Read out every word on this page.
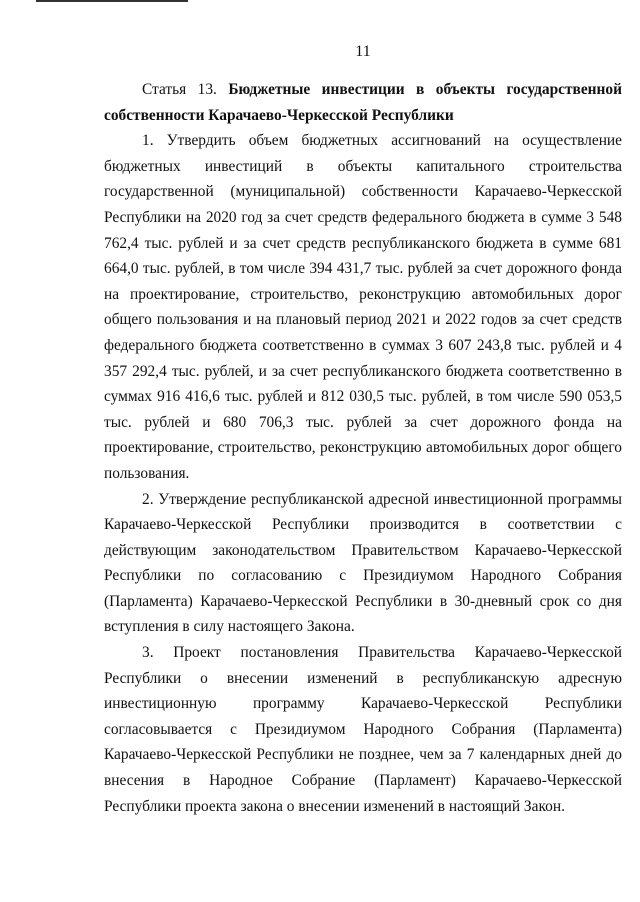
11

Статья 13. Бюджетные инвестиции в объекты государственной собственности Карачаево-Черкесской Республики

1. Утвердить объем бюджетных ассигнований на осуществление бюджетных инвестиций в объекты капитального строительства государственной (муниципальной) собственности Карачаево-Черкесской Республики на 2020 год за счет средств федерального бюджета в сумме 3 548 762,4 тыс. рублей и за счет средств республиканского бюджета в сумме 681 664,0 тыс. рублей, в том числе 394 431,7 тыс. рублей за счет дорожного фонда на проектирование, строительство, реконструкцию автомобильных дорог общего пользования и на плановый период 2021 и 2022 годов за счет средств федерального бюджета соответственно в суммах 3 607 243,8 тыс. рублей и 4 357 292,4 тыс. рублей, и за счет республиканского бюджета соответственно в суммах 916 416,6 тыс. рублей и 812 030,5 тыс. рублей, в том числе 590 053,5 тыс. рублей и 680 706,3 тыс. рублей за счет дорожного фонда на проектирование, строительство, реконструкцию автомобильных дорог общего пользования.

2. Утверждение республиканской адресной инвестиционной программы Карачаево-Черкесской Республики производится в соответствии с действующим законодательством Правительством Карачаево-Черкесской Республики по согласованию с Президиумом Народного Собрания (Парламента) Карачаево-Черкесской Республики в 30-дневный срок со дня вступления в силу настоящего Закона.

3. Проект постановления Правительства Карачаево-Черкесской Республики о внесении изменений в республиканскую адресную инвестиционную программу Карачаево-Черкесской Республики согласовывается с Президиумом Народного Собрания (Парламента) Карачаево-Черкесской Республики не позднее, чем за 7 календарных дней до внесения в Народное Собрание (Парламент) Карачаево-Черкесской Республики проекта закона о внесении изменений в настоящий Закон.
